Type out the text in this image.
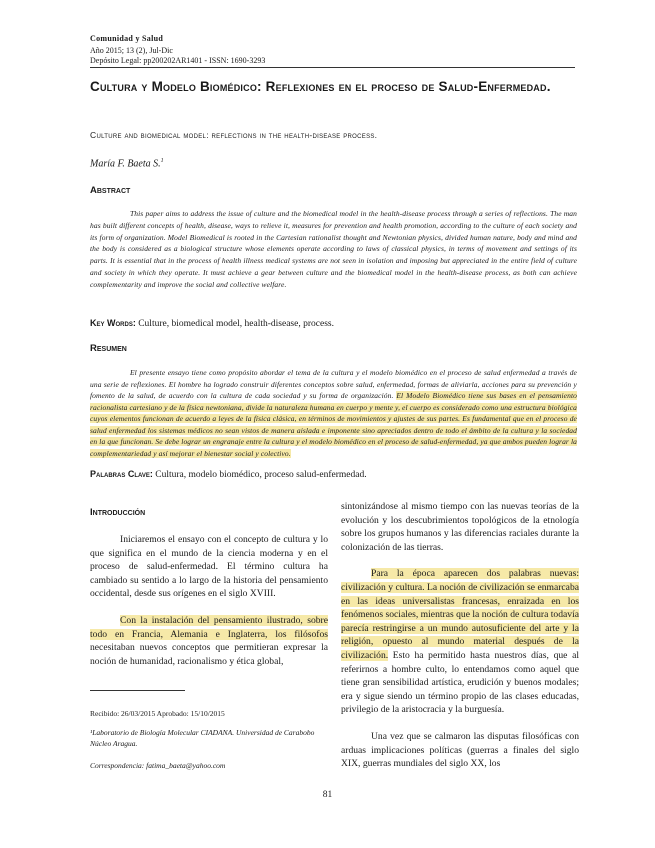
Comunidad y Salud
Año 2015; 13 (2), Jul-Dic
Depósito Legal: pp200202AR1401 - ISSN: 1690-3293
Cultura y Modelo Biomédico: Reflexiones en el proceso de Salud-Enfermedad.
Culture and biomedical model: reflections in the health-disease process.
María F. Baeta S.$^1$
Abstract
This paper aims to address the issue of culture and the biomedical model in the health-disease process through a series of reflections. The man has built different concepts of health, disease, ways to relieve it, measures for prevention and health promotion, according to the culture of each society and its form of organization. Model Biomedical is rooted in the Cartesian rationalist thought and Newtonian physics, divided human nature, body and mind and the body is considered as a biological structure whose elements operate according to laws of classical physics, in terms of movement and settings of its parts. It is essential that in the process of health illness medical systems are not seen in isolation and imposing but appreciated in the entire field of culture and society in which they operate. It must achieve a gear between culture and the biomedical model in the health-disease process, as both can achieve complementarity and improve the social and collective welfare.
Key Words: Culture, biomedical model, health-disease, process.
Resumen
El presente ensayo tiene como propósito abordar el tema de la cultura y el modelo biomédico en el proceso de salud enfermedad a través de una serie de reflexiones. El hombre ha logrado construir diferentes conceptos sobre salud, enfermedad, formas de aliviarla, acciones para su prevención y fomento de la salud, de acuerdo con la cultura de cada sociedad y su forma de organización. El Modelo Biomédico tiene sus bases en el pensamiento racionalista cartesiano y de la física newtoniana, divide la naturaleza humana en cuerpo y mente y, el cuerpo es considerado como una estructura biológica cuyos elementos funcionan de acuerdo a leyes de la física clásica, en términos de movimientos y ajustes de sus partes. Es fundamental que en el proceso de salud enfermedad los sistemas médicos no sean vistos de manera aislada e imponente sino apreciados dentro de todo el ámbito de la cultura y la sociedad en la que funcionan. Se debe lograr un engranaje entre la cultura y el modelo biomédico en el proceso de salud-enfermedad, ya que ambos pueden lograr la complementariedad y así mejorar el bienestar social y colectivo.
Palabras Clave: Cultura, modelo biomédico, proceso salud-enfermedad.
Introducción

Iniciaremos el ensayo con el concepto de cultura y lo que significa en el mundo de la ciencia moderna y en el proceso de salud-enfermedad. El término cultura ha cambiado su sentido a lo largo de la historia del pensamiento occidental, desde sus orígenes en el siglo XVIII.

Con la instalación del pensamiento ilustrado, sobre todo en Francia, Alemania e Inglaterra, los filósofos necesitaban nuevos conceptos que permitieran expresar la noción de humanidad, racionalismo y ética global,

Recibido: 26/03/2015 Aprobado: 15/10/2015
¹Laboratorio de Biología Molecular CIADANA. Universidad de Carabobo Núcleo Aragua.
Correspondencia: fatima_baeta@yahoo.com

sintonizándose al mismo tiempo con las nuevas teorías de la evolución y los descubrimientos topológicos de la etnología sobre los grupos humanos y las diferencias raciales durante la colonización de las tierras.

Para la época aparecen dos palabras nuevas: civilización y cultura. La noción de civilización se enmarcaba en las ideas universalistas francesas, enraizada en los fenómenos sociales, mientras que la noción de cultura todavía parecía restringirse a un mundo autosuficiente del arte y la religión, opuesto al mundo material después de la civilización. Esto ha permitido hasta nuestros días, que al referirnos a hombre culto, lo entendamos como aquel que tiene gran sensibilidad artística, erudición y buenos modales; era y sigue siendo un término propio de las clases educadas, privilegio de la aristocracia y la burguesía.

Una vez que se calmaron las disputas filosóficas con arduas implicaciones políticas (guerras a finales del siglo XIX, guerras mundiales del siglo XX, los

81
